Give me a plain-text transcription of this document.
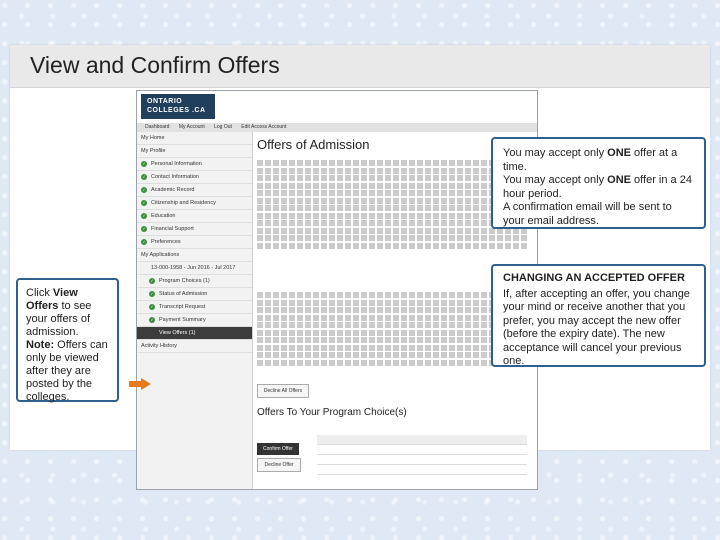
View and Confirm Offers
ONTARIO
COLLEGES .CA
Dashboard My Account Log Out Edit Access Account
My Home
My Profile
✓ Personal Information
✓ Contact Information
✓ Academic Record
✓ Citizenship and Residency
✓ Education
✓ Financial Support
✓ Preferences
My Applications
13-000-1958 - Jun 2016 - Jul 2017
✓ Program Choices (1)
✓ Status of Admission
✓ Transcript Request
✓ Payment Summary
View Offers (1)
Activity History
Offers of Admission
Decline All Offers
Offers To Your Program Choice(s)
Confirm Offer
Decline Offer

Click View Offers to see your offers of admission.
Note: Offers can only be viewed after they are posted by the colleges.
You may accept only ONE offer at a time.
You may accept only ONE offer in a 24 hour period.
A confirmation email will be sent to your email address.
CHANGING AN ACCEPTED OFFER
If, after accepting an offer, you change your mind or receive another that you prefer, you may accept the new offer (before the expiry date). The new acceptance will cancel your previous one.
